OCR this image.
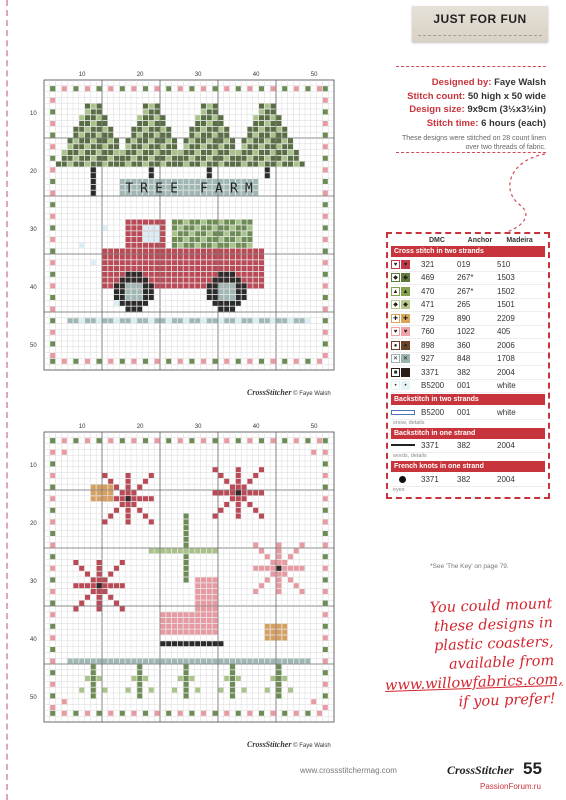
JUST FOR FUN
Designed by: Faye Walsh
Stitch count: 50 high x 50 wide
Design size: 9x9cm (3½x3½in)
Stitch time: 6 hours (each)
These designs were stitched on 28 count linen over two threads of fabric.
DMC	Anchor	Madeira
Cross stitch in two strands
♥	♥	321	019	510
◆ ◆ 469	267*	1503
▲ ▲ 470	267*	1502
◆ ◆ 471	265	1501
✚ ✚ 729	890	2209
♥	♥	760	1022	405
●	●	898	360	2006
✕ ✕ 927	848	1708
■	■	3371	382	2004
•	•	B5200	001	white
Backstitch in two strands
B5200	001	white
snow, details
Backstitch in one strand
3371	382	2004
words, details
French knots in one strand
3371	382	2004
eyes
*See 'The Key' on page 79.
You could mount
these designs in
plastic coasters,
available from
www.willowfabrics.com,
if you prefer!
10
10
20
20
30
30
40
40
50
50
TREE FARM
10
10
20
20
30
30
40
40
50
50
CrossStitcher © Faye Walsh
CrossStitcher © Faye Walsh
www.crossstitchermag.com	CrossStitcher 55
PassionForum.ru
